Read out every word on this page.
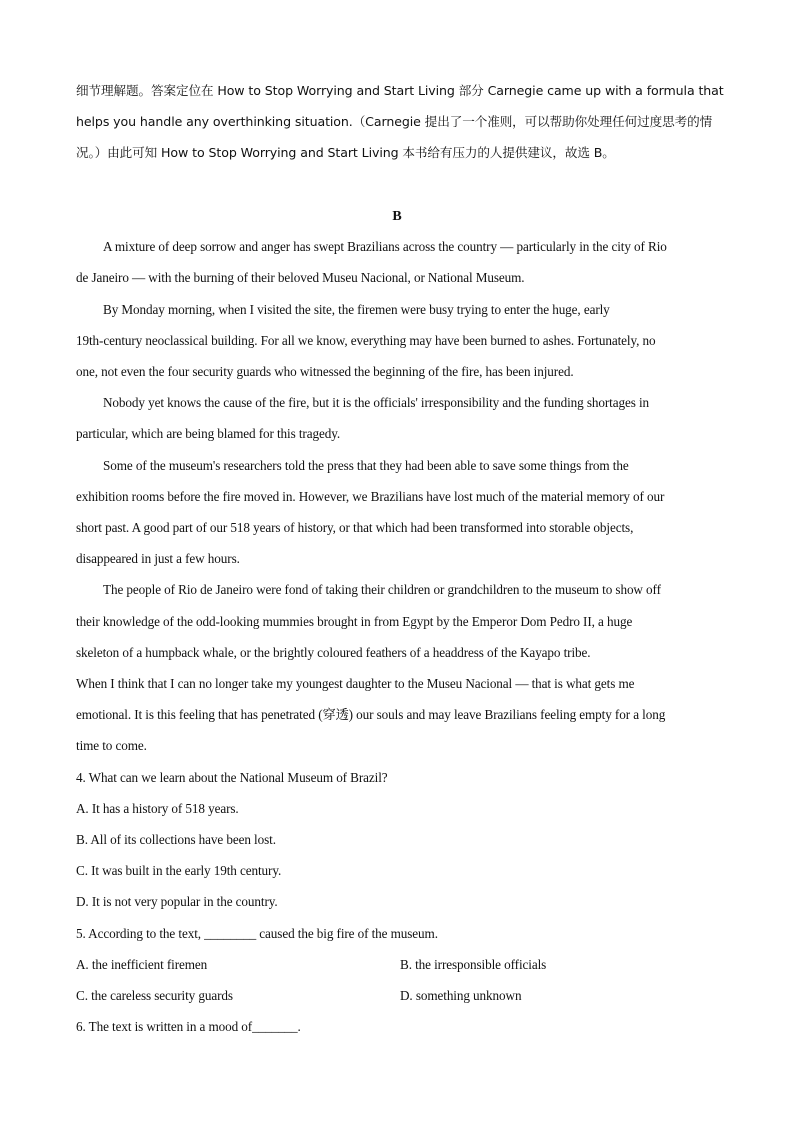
细节理解题。答案定位在 How to Stop Worrying and Start Living 部分 Carnegie came up with a formula that
helps you handle any overthinking situation.（Carnegie 提出了一个准则，可以帮助你处理任何过度思考的情
况。）由此可知 How to Stop Worrying and Start Living 本书给有压力的人提供建议，故选 B。
B
A mixture of deep sorrow and anger has swept Brazilians across the country — particularly in the city of Rio
de Janeiro — with the burning of their beloved Museu Nacional, or National Museum.
By Monday morning, when I visited the site, the firemen were busy trying to enter the huge, early
19th-century neoclassical building. For all we know, everything may have been burned to ashes. Fortunately, no
one, not even the four security guards who witnessed the beginning of the fire, has been injured.
Nobody yet knows the cause of the fire, but it is the officials' irresponsibility and the funding shortages in
particular, which are being blamed for this tragedy.
Some of the museum's researchers told the press that they had been able to save some things from the
exhibition rooms before the fire moved in. However, we Brazilians have lost much of the material memory of our
short past. A good part of our 518 years of history, or that which had been transformed into storable objects,
disappeared in just a few hours.
The people of Rio de Janeiro were fond of taking their children or grandchildren to the museum to show off
their knowledge of the odd-looking mummies brought in from Egypt by the Emperor Dom Pedro II, a huge
skeleton of a humpback whale, or the brightly coloured feathers of a headdress of the Kayapo tribe.
When I think that I can no longer take my youngest daughter to the Museu Nacional — that is what gets me
emotional. It is this feeling that has penetrated (穿透) our souls and may leave Brazilians feeling empty for a long
time to come.
4. What can we learn about the National Museum of Brazil?
A. It has a history of 518 years.
B. All of its collections have been lost.
C. It was built in the early 19th century.
D. It is not very popular in the country.
5. According to the text, ________ caused the big fire of the museum.
A. the inefficient firemen	B. the irresponsible officials
C. the careless security guards	D. something unknown
6. The text is written in a mood of_______.
